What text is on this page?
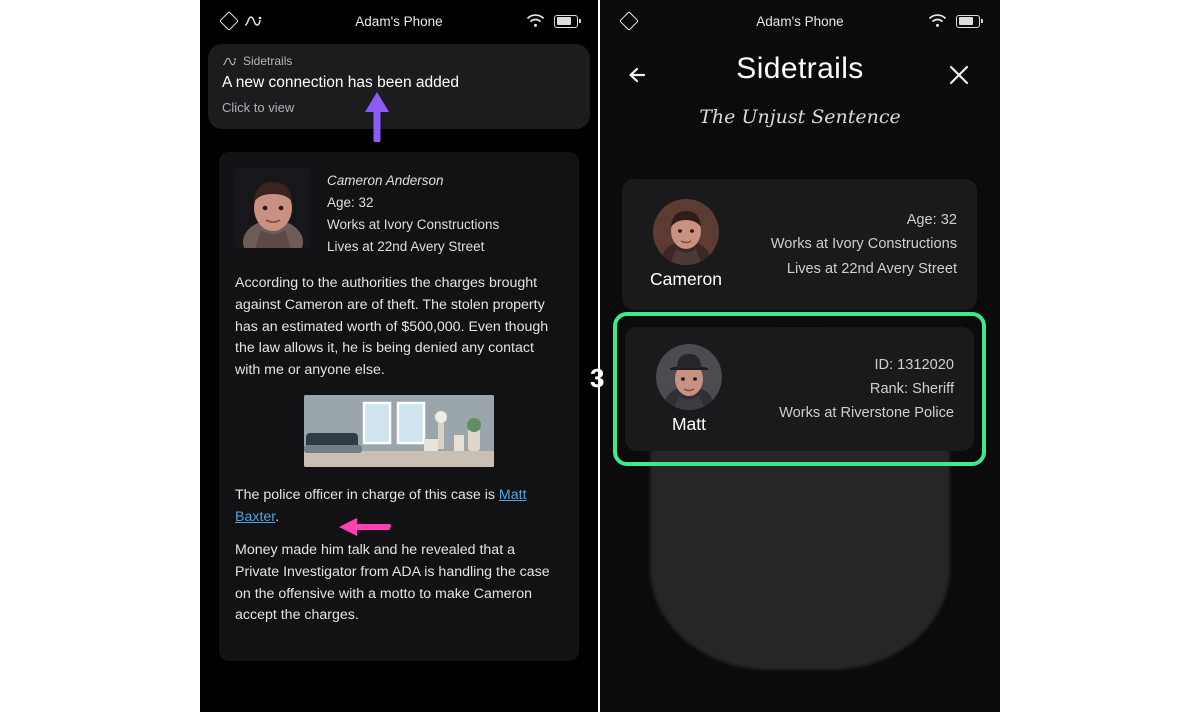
Adam's Phone
Sidetrails
A new connection has been added
Click to view
Cameron Anderson
Age: 32
Works at Ivory Constructions
Lives at 22nd Avery Street

According to the authorities the charges brought against Cameron are of theft. The stolen property has an estimated worth of $500,000. Even though the law allows it, he is being denied any contact with me or anyone else.

The police officer in charge of this case is Matt Baxter.

Money made him talk and he revealed that a Private Investigator from ADA is handling the case on the offensive with a motto to make Cameron accept the charges.

Adam's Phone
Sidetrails
The Unjust Sentence
Cameron
Age: 32
Works at Ivory Constructions
Lives at 22nd Avery Street
Matt
ID: 1312020
Rank: Sheriff
Works at Riverstone Police
1
2
3
